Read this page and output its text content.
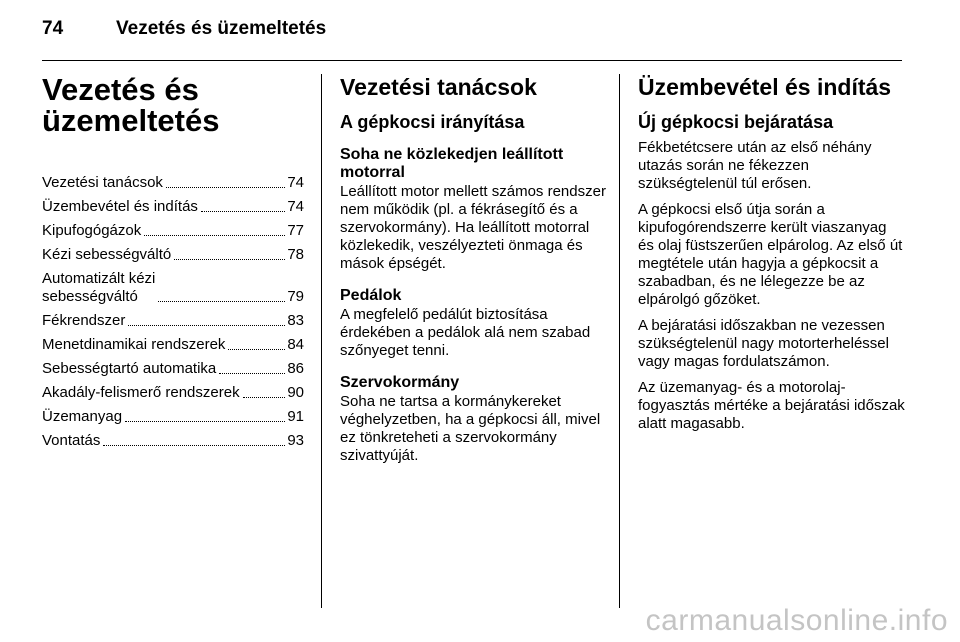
74	Vezetés és üzemeltetés
Vezetés és
üzemeltetés
Vezetési tanácsok	74
Üzembevétel és indítás	74
Kipufogógázok	77
Kézi sebességváltó	78
Automatizált kézi
sebességváltó	79
Fékrendszer	83
Menetdinamikai rendszerek	84
Sebességtartó automatika	86
Akadály-felismerő rendszerek	90
Üzemanyag	91
Vontatás	93
Vezetési tanácsok
A gépkocsi irányítása
Soha ne közlekedjen leállított motorral

Leállított motor mellett számos rendszer nem működik (pl. a fékrásegítő és a szervokormány). Ha leállított motorral közlekedik, veszélyezteti önmaga és mások épségét.

Pedálok

A megfelelő pedálút biztosítása érdekében a pedálok alá nem szabad szőnyeget tenni.

Szervokormány

Soha ne tartsa a kormánykereket véghelyzetben, ha a gépkocsi áll, mivel ez tönkreteheti a szervokormány szivattyúját.

Üzembevétel és indítás
Új gépkocsi bejáratása

Fékbetétcsere után az első néhány utazás során ne fékezzen szükségtelenül túl erősen.

A gépkocsi első útja során a kipufogórendszerre került viaszanyag és olaj füstszerűen elpárolog. Az első út megtétele után hagyja a gépkocsit a szabadban, és ne lélegezze be az elpárolgó gőzöket.

A bejáratási időszakban ne vezessen szükségtelenül nagy motorterheléssel vagy magas fordulatszámon.

Az üzemanyag- és a motorolaj-fogyasztás mértéke a bejáratási időszak alatt magasabb.

carmanualsonline.info
